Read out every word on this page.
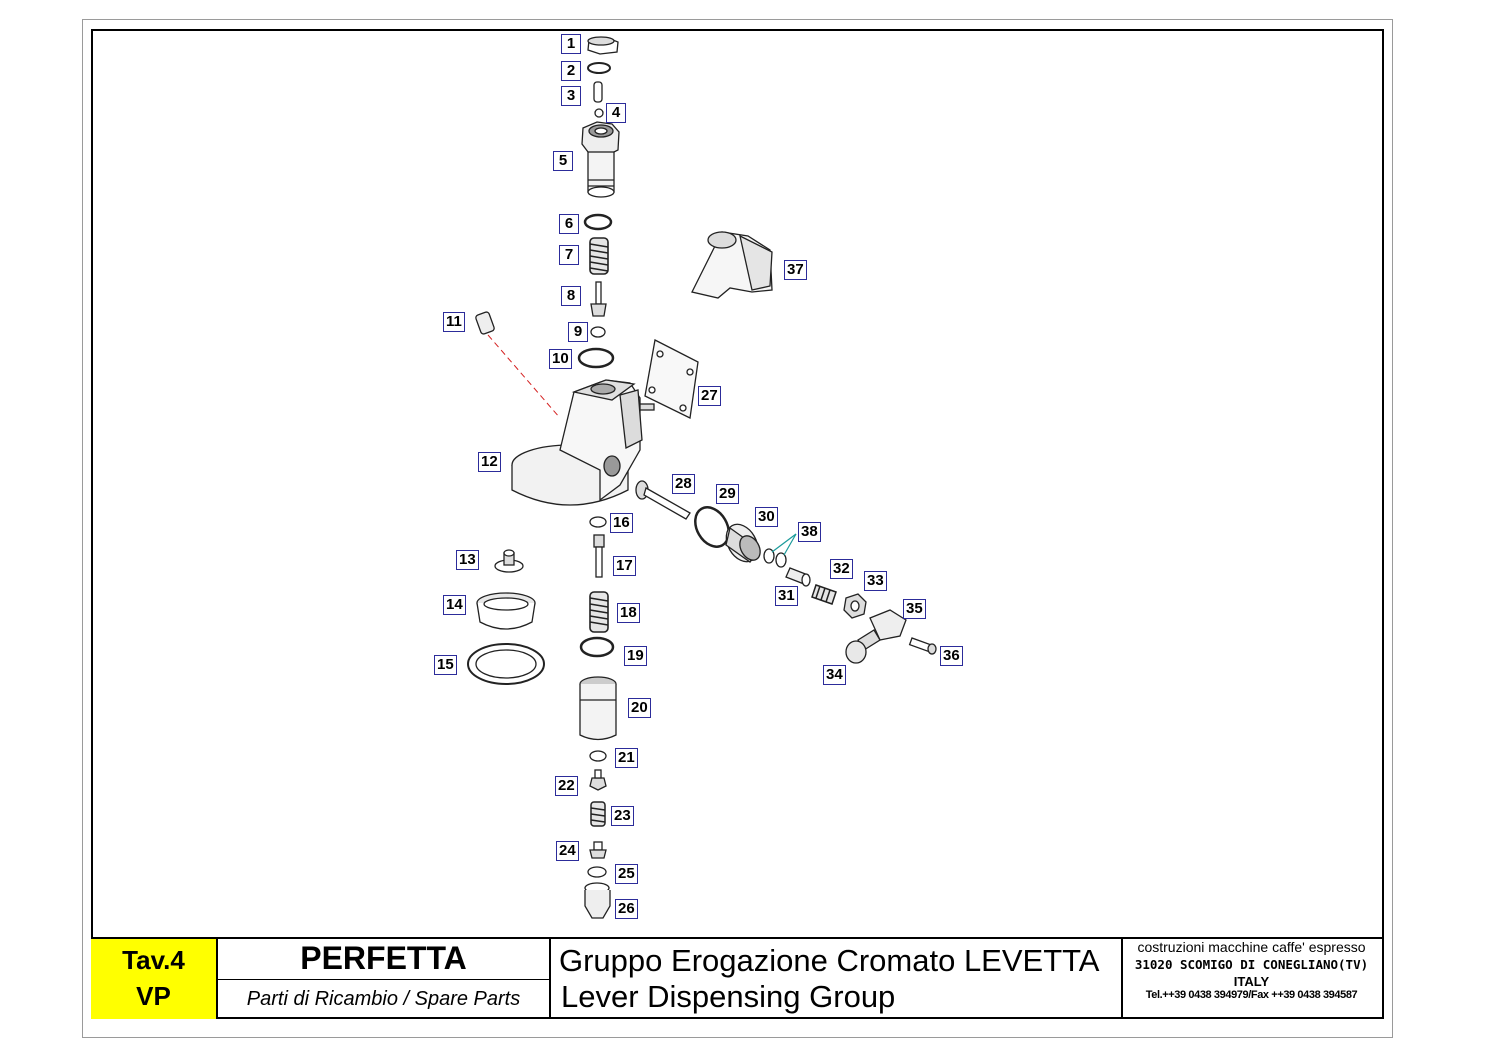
1
2
3
4
5
6
7
8
9
10
11
12
13
14
15
16
17
18
19
20
21
22
23
24
25
26
27
28
29
30
31
32
33
34
35
36
37
38
Tav.4
VP
PERFETTA
Parti di Ricambio / Spare Parts
Gruppo Erogazione Cromato LEVETTA
Lever Dispensing Group
costruzioni macchine caffe' espresso
31020 SCOMIGO DI CONEGLIANO(TV)
ITALY
Tel.++39 0438 394979/Fax ++39 0438 394587
